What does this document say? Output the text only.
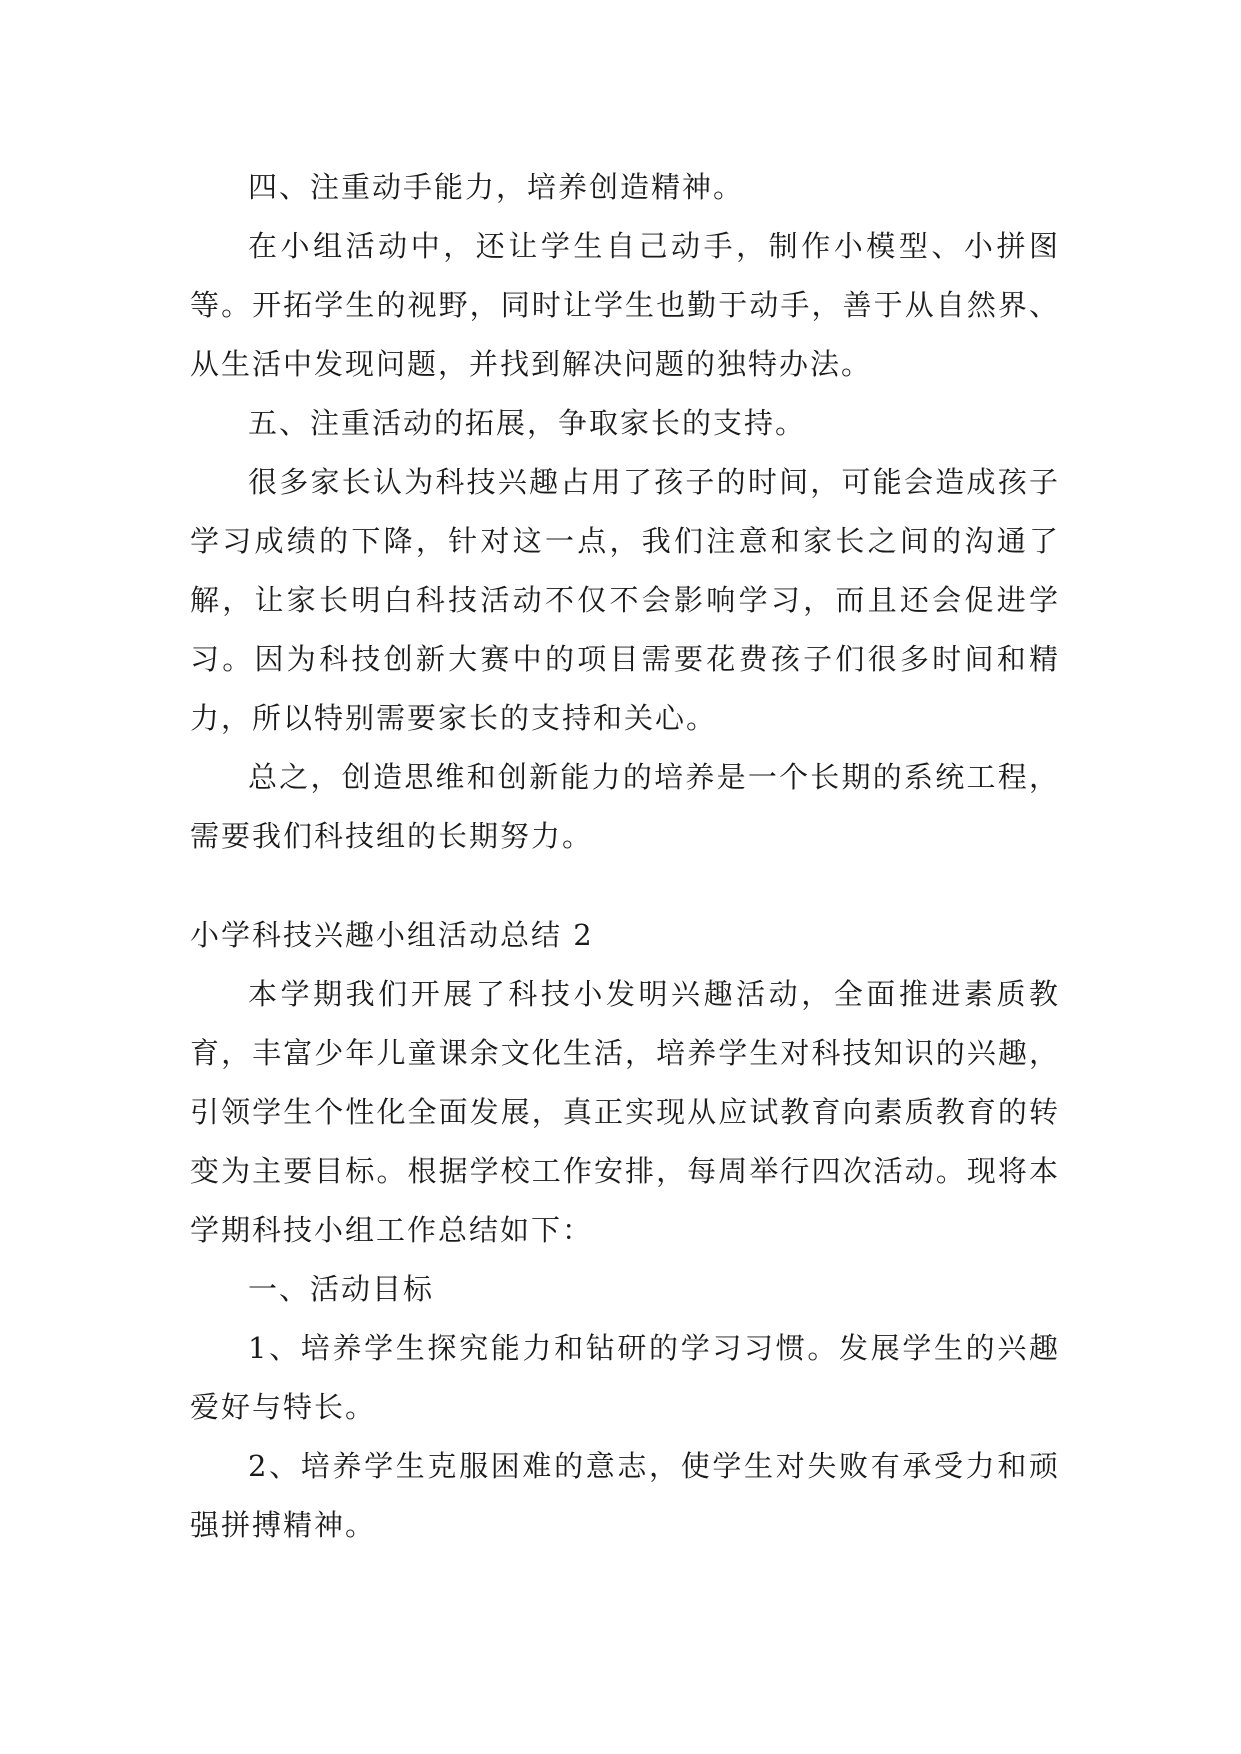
四、注重动手能力，培养创造精神。

在小组活动中，还让学生自己动手，制作小模型、小拼图等。开拓学生的视野，同时让学生也勤于动手，善于从自然界、从生活中发现问题，并找到解决问题的独特办法。

五、注重活动的拓展，争取家长的支持。

很多家长认为科技兴趣占用了孩子的时间，可能会造成孩子学习成绩的下降，针对这一点，我们注意和家长之间的沟通了解，让家长明白科技活动不仅不会影响学习，而且还会促进学习。因为科技创新大赛中的项目需要花费孩子们很多时间和精力，所以特别需要家长的支持和关心。

总之，创造思维和创新能力的培养是一个长期的系统工程，需要我们科技组的长期努力。

小学科技兴趣小组活动总结 2

本学期我们开展了科技小发明兴趣活动，全面推进素质教育，丰富少年儿童课余文化生活，培养学生对科技知识的兴趣，引领学生个性化全面发展，真正实现从应试教育向素质教育的转变为主要目标。根据学校工作安排，每周举行四次活动。现将本学期科技小组工作总结如下：

一、活动目标

1、培养学生探究能力和钻研的学习习惯。发展学生的兴趣爱好与特长。

2、培养学生克服困难的意志，使学生对失败有承受力和顽强拼搏精神。
